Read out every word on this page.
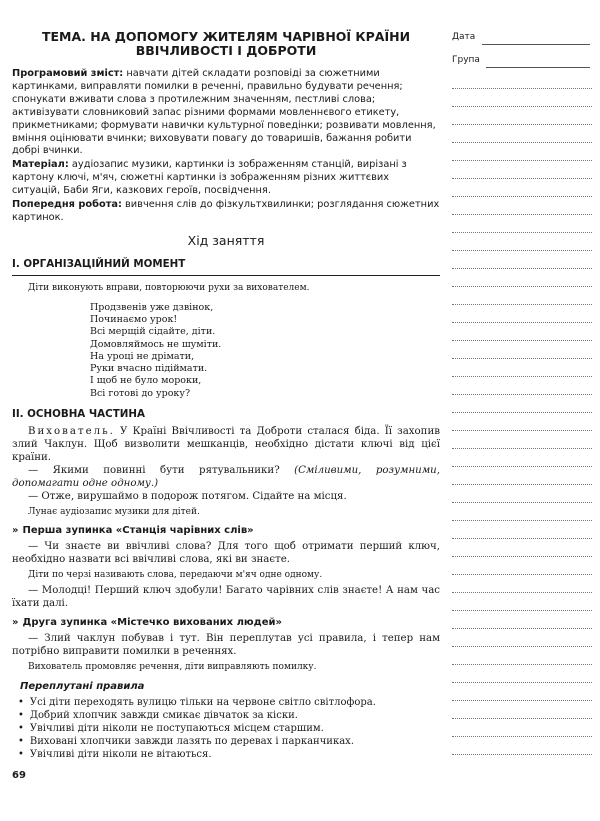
ТЕМА. НА ДОПОМОГУ ЖИТЕЛЯМ ЧАРІВНОЇ КРАЇНИ
ВВІЧЛИВОСТІ І ДОБРОТИ
Програмовий зміст: навчати дітей складати розповіді за сюжетними картинками, виправляти помилки в реченні, правильно будувати речення; спонукати вживати слова з протилежним значенням, пестливі слова; активізувати словниковий запас різними формами мовленнєвого етикету, прикметниками; формувати навички культурної поведінки; розвивати мовлення, вміння оцінювати вчинки; виховувати повагу до товаришів, бажання робити добрі вчинки.
Матеріал: аудіозапис музики, картинки із зображенням станцій, вирізані з картону ключі, м'яч, сюжетні картинки із зображенням різних життєвих ситуацій, Баби Яги, казкових героїв, посвідчення.
Попередня робота: вивчення слів до фізкультхвилинки; розглядання сюжетних картинок.
Хід заняття
I. ОРГАНІЗАЦІЙНИЙ МОМЕНТ
Діти виконують вправи, повторюючи рухи за вихователем.
Продзвенів уже дзвінок,
Починаємо урок!
Всі мерщій сідайте, діти.
Домовляймось не шуміти.
На уроці не дрімати,
Руки вчасно підіймати.
І щоб не було мороки,
Всі готові до уроку?
II. ОСНОВНА ЧАСТИНА

Вихователь. У Країні Ввічливості та Доброти сталася біда. Її захопив злий Чаклун. Щоб визволити мешканців, необхідно дістати ключі від цієї країни.

— Якими повинні бути рятувальники? (Сміливими, розумними, допомагати одне одному.)

— Отже, вирушаймо в подорож потягом. Сідайте на місця.

Лунає аудіозапис музики для дітей.
» Перша зупинка «Станція чарівних слів»

— Чи знаєте ви ввічливі слова? Для того щоб отримати перший ключ, необхідно назвати всі ввічливі слова, які ви знаєте.

Діти по черзі називають слова, передаючи м'яч одне одному.

— Молодці! Перший ключ здобули! Багато чарівних слів знаєте! А нам час їхати далі.

» Друга зупинка «Містечко вихованих людей»

— Злий чаклун побував і тут. Він переплутав усі правила, і тепер нам потрібно виправити помилки в реченнях.

Вихователь промовляє речення, діти виправляють помилку.
Переплутані правила
• Усі діти переходять вулицю тільки на червоне світло світлофора.
• Добрий хлопчик завжди смикає дівчаток за кіски.
• Увічливі діти ніколи не поступаються місцем старшим.
• Виховані хлопчики завжди лазять по деревах і парканчиках.
• Увічливі діти ніколи не вітаються.
69
Дата
Група
